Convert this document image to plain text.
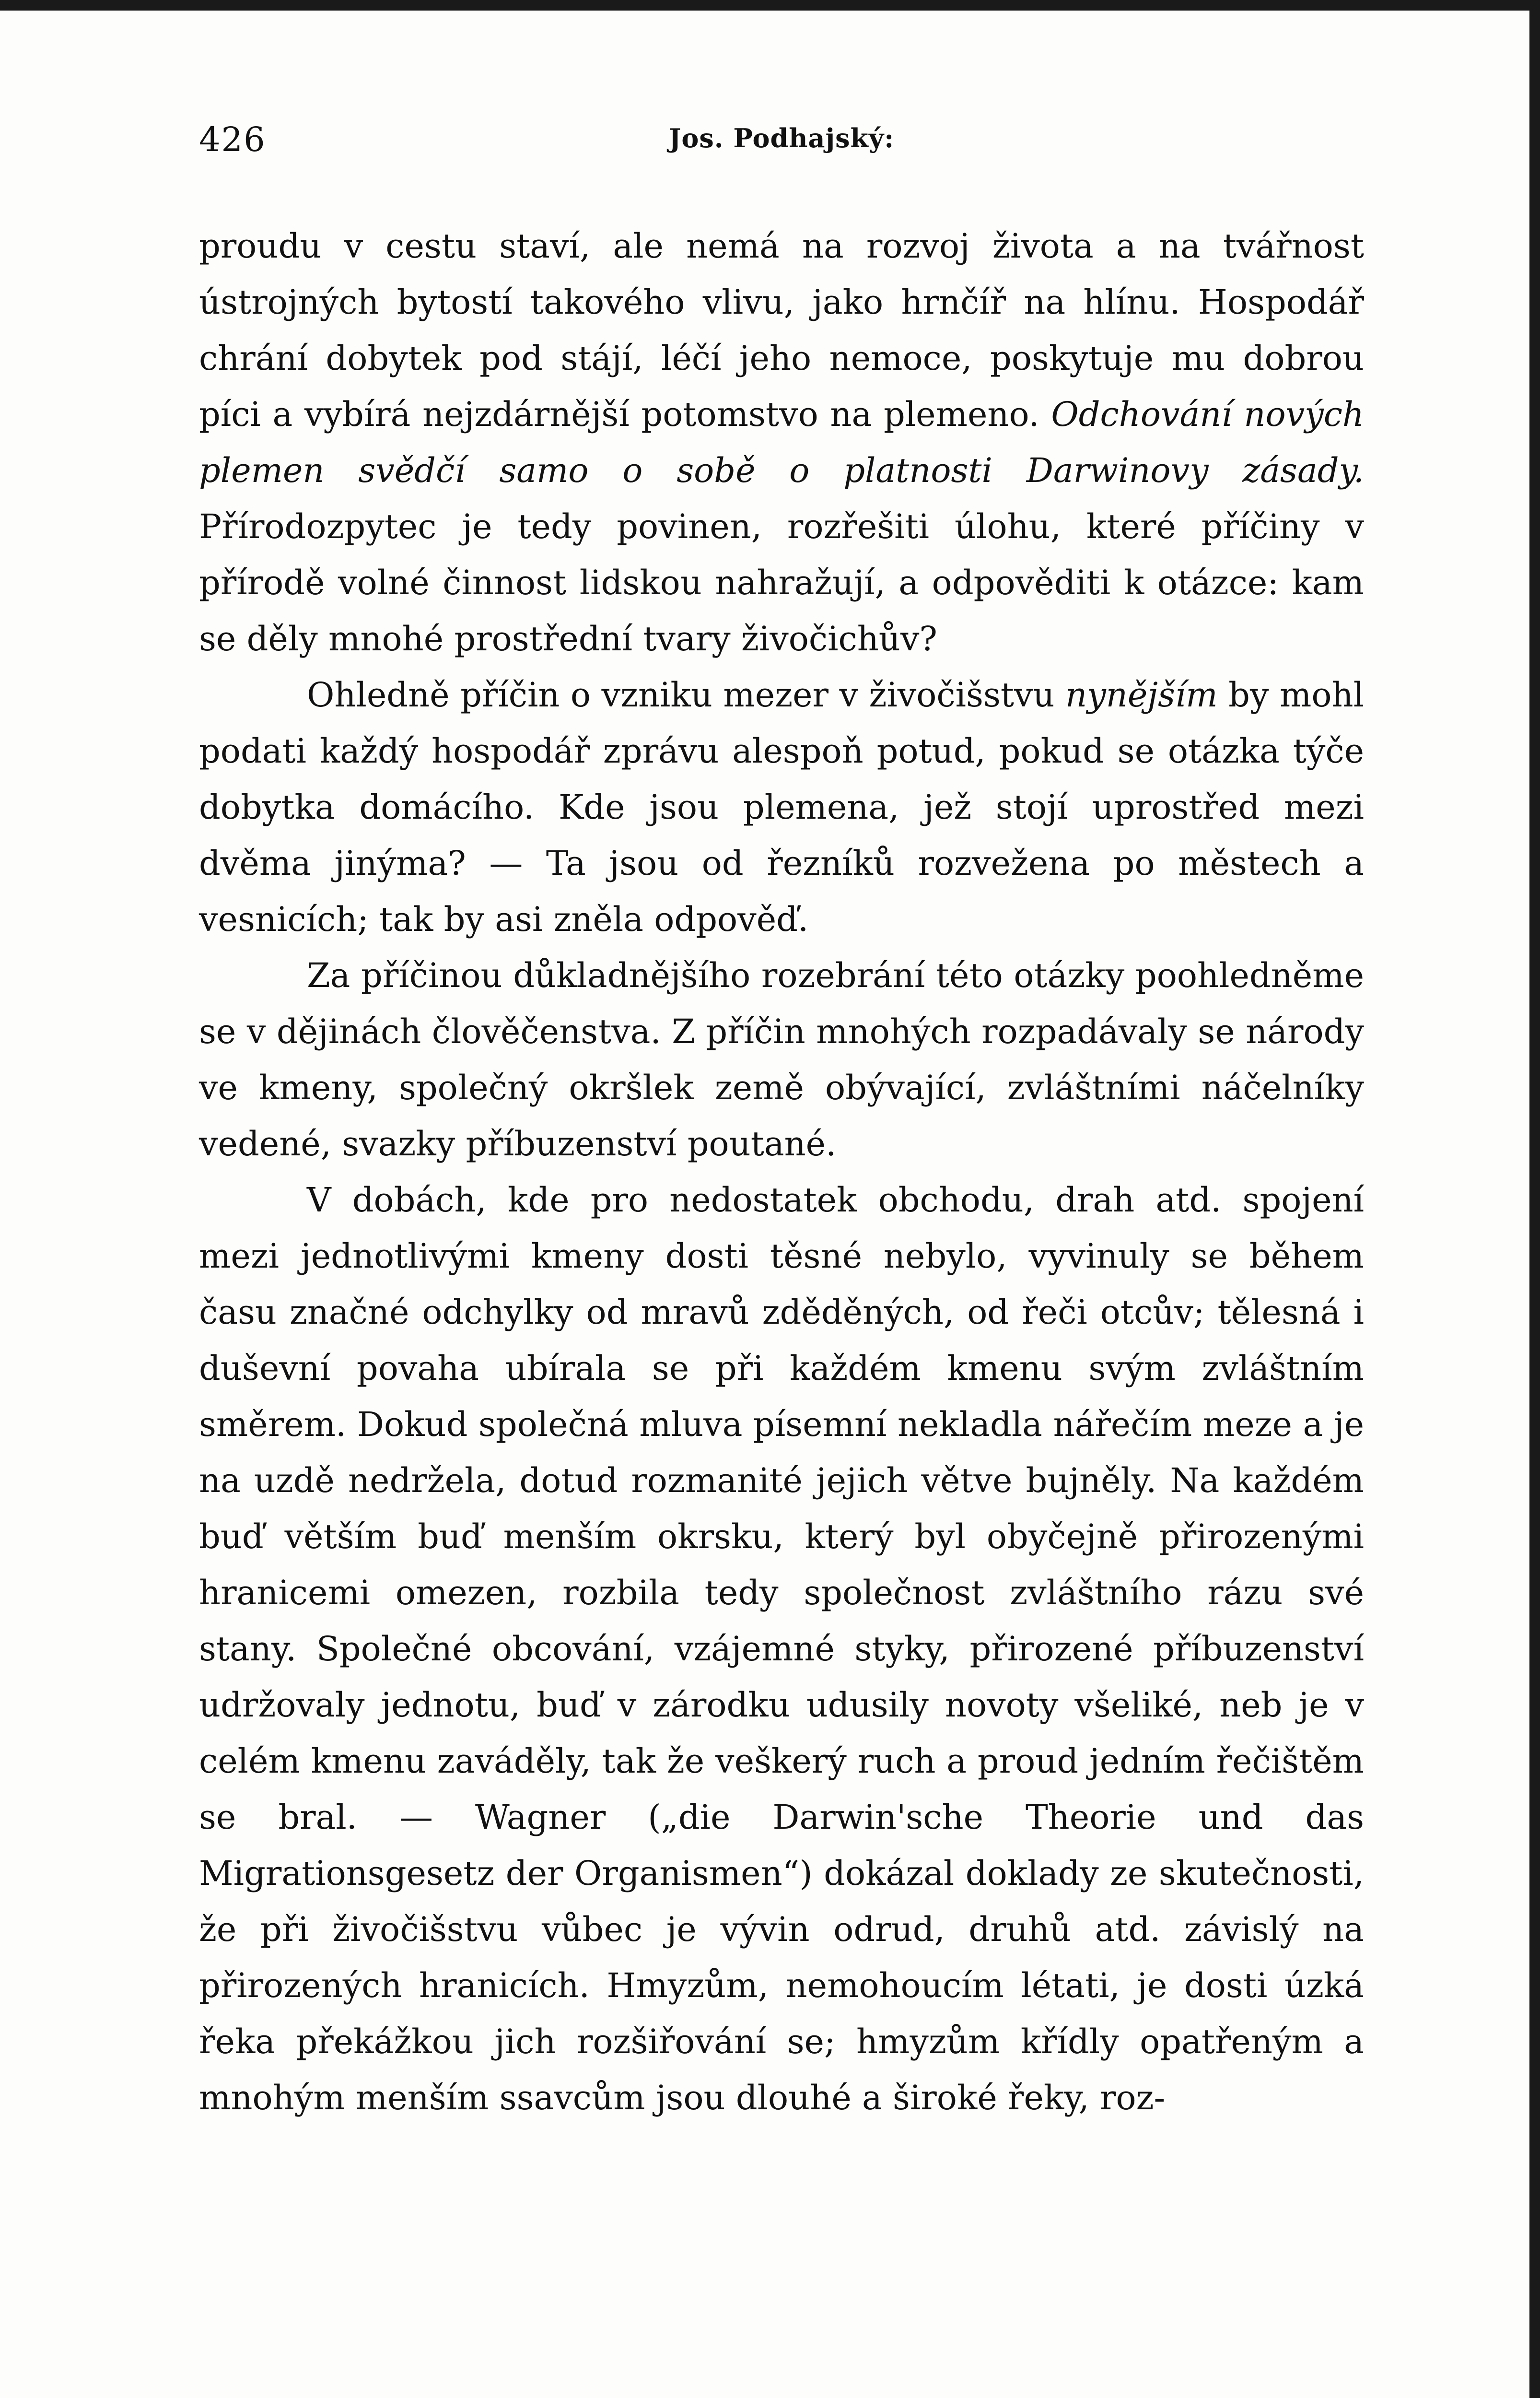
426	Jos. Podhajský:

proudu v cestu staví, ale nemá na rozvoj života a na tvářnost ústrojných bytostí takového vlivu, jako hrnčíř na hlínu. Hospodář chrání dobytek pod stájí, léčí jeho nemoce, poskytuje mu dobrou píci a vybírá nejzdárnější potomstvo na plemeno. Odchování nových plemen svědčí samo o sobě o platnosti Darwinovy zásady. Přírodozpytec je tedy povinen, rozřešiti úlohu, které příčiny v přírodě volné činnost lidskou nahražují, a odpověditi k otázce: kam se děly mnohé prostřední tvary živočichův?

Ohledně příčin o vzniku mezer v živočišstvu nynějším by mohl podati každý hospodář zprávu alespoň potud, pokud se otázka týče dobytka domácího. Kde jsou plemena, jež stojí uprostřed mezi dvěma jinýma? — Ta jsou od řezníků rozvežena po městech a vesnicích; tak by asi zněla odpověď.

Za příčinou důkladnějšího rozebrání této otázky poohledněme se v dějinách člověčenstva. Z příčin mnohých rozpadávaly se národy ve kmeny, společný okršlek země obývající, zvláštními náčelníky vedené, svazky příbuzenství poutané.

V dobách, kde pro nedostatek obchodu, drah atd. spojení mezi jednotlivými kmeny dosti těsné nebylo, vyvinuly se během času značné odchylky od mravů zděděných, od řeči otcův; tělesná i duševní povaha ubírala se při každém kmenu svým zvláštním směrem. Dokud společná mluva písemní nekladla nářečím meze a je na uzdě nedržela, dotud rozmanité jejich větve bujněly. Na každém buď větším buď menším okrsku, který byl obyčejně přirozenými hranicemi omezen, rozbila tedy společnost zvláštního rázu své stany. Společné obcování, vzájemné styky, přirozené příbuzenství udržovaly jednotu, buď v zárodku udusily novoty všeliké, neb je v celém kmenu zaváděly, tak že veškerý ruch a proud jedním řečištěm se bral. — Wagner („die Darwin'sche Theorie und das Migrationsgesetz der Organismen“) dokázal doklady ze skutečnosti, že při živočišstvu vůbec je vývin odrud, druhů atd. závislý na přirozených hranicích. Hmyzům, nemohoucím létati, je dosti úzká řeka překážkou jich rozšiřování se; hmyzům křídly opatřeným a mnohým menším ssavcům jsou dlouhé a široké řeky, roz-
